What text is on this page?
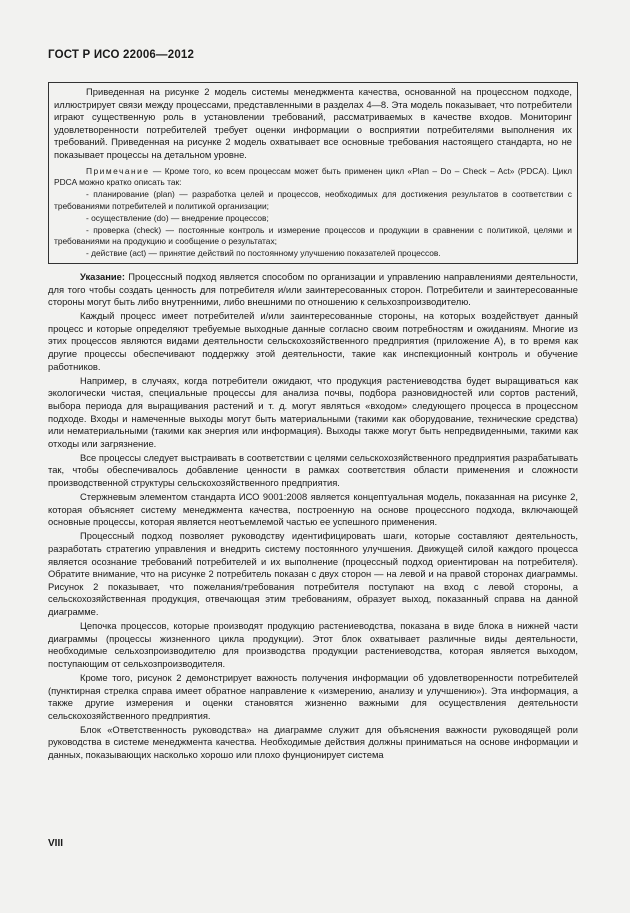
ГОСТ Р ИСО 22006—2012

Приведенная на рисунке 2 модель системы менеджмента качества, основанной на процессном подходе, иллюстрирует связи между процессами, представленными в разделах 4—8. Эта модель показывает, что потребители играют существенную роль в установлении требований, рассматриваемых в качестве входов. Мониторинг удовлетворенности потребителей требует оценки информации о восприятии потребителями выполнения их требований. Приведенная на рисунке 2 модель охватывает все основные требования настоящего стандарта, но не показывает процессы на детальном уровне.

Примечание — Кроме того, ко всем процессам может быть применен цикл «Plan – Do – Check – Act» (PDCA). Цикл PDCA можно кратко описать так:

- планирование (plan) — разработка целей и процессов, необходимых для достижения результатов в соответствии с требованиями потребителей и политикой организации;

- осуществление (do) — внедрение процессов;

- проверка (check) — постоянные контроль и измерение процессов и продукции в сравнении с политикой, целями и требованиями на продукцию и сообщение о результатах;

- действие (act) — принятие действий по постоянному улучшению показателей процессов.

Указание: Процессный подход является способом по организации и управлению направлениями деятельности, для того чтобы создать ценность для потребителя и/или заинтересованных сторон. Потребители и заинтересованные стороны могут быть либо внутренними, либо внешними по отношению к сельхозпроизводителю.

Каждый процесс имеет потребителей и/или заинтересованные стороны, на которых воздействует данный процесс и которые определяют требуемые выходные данные согласно своим потребностям и ожиданиям. Многие из этих процессов являются видами деятельности сельскохозяйственного предприятия (приложение А), в то время как другие процессы обеспечивают поддержку этой деятельности, такие как инспекционный контроль и обучение работников.

Например, в случаях, когда потребители ожидают, что продукция растениеводства будет выращиваться как экологически чистая, специальные процессы для анализа почвы, подбора разновидностей или сортов растений, выбора периода для выращивания растений и т. д. могут являться «входом» следующего процесса в процессном подходе. Входы и намеченные выходы могут быть материальными (такими как оборудование, технические средства) или нематериальными (такими как энергия или информация). Выходы также могут быть непредвиденными, такими как отходы или загрязнение.

Все процессы следует выстраивать в соответствии с целями сельскохозяйственного предприятия разрабатывать так, чтобы обеспечивалось добавление ценности в рамках соответствия области применения и сложности производственной структуры сельскохозяйственного предприятия.

Стержневым элементом стандарта ИСО 9001:2008 является концептуальная модель, показанная на рисунке 2, которая объясняет систему менеджмента качества, построенную на основе процессного подхода, включающей основные процессы, которая является неотъемлемой частью ее успешного применения.

Процессный подход позволяет руководству идентифицировать шаги, которые составляют деятельность, разработать стратегию управления и внедрить систему постоянного улучшения. Движущей силой каждого процесса является осознание требований потребителей и их выполнение (процессный подход ориентирован на потребителя). Обратите внимание, что на рисунке 2 потребитель показан с двух сторон — на левой и на правой сторонах диаграммы. Рисунок 2 показывает, что пожелания/требования потребителя поступают на вход с левой стороны, а сельскохозяйственная продукция, отвечающая этим требованиям, образует выход, показанный справа на данной диаграмме.

Цепочка процессов, которые производят продукцию растениеводства, показана в виде блока в нижней части диаграммы (процессы жизненного цикла продукции). Этот блок охватывает различные виды деятельности, необходимые сельхозпроизводителю для производства продукции растениеводства, которая является выходом, поступающим от сельхозпроизводителя.

Кроме того, рисунок 2 демонстрирует важность получения информации об удовлетворенности потребителей (пунктирная стрелка справа имеет обратное направление к «измерению, анализу и улучшению»). Эта информация, а также другие измерения и оценки становятся жизненно важными для осуществления деятельности сельскохозяйственного предприятия.

Блок «Ответственность руководства» на диаграмме служит для объяснения важности руководящей роли руководства в системе менеджмента качества. Необходимые действия должны приниматься на основе информации и данных, показывающих насколько хорошо или плохо фунционирует система

VIII
